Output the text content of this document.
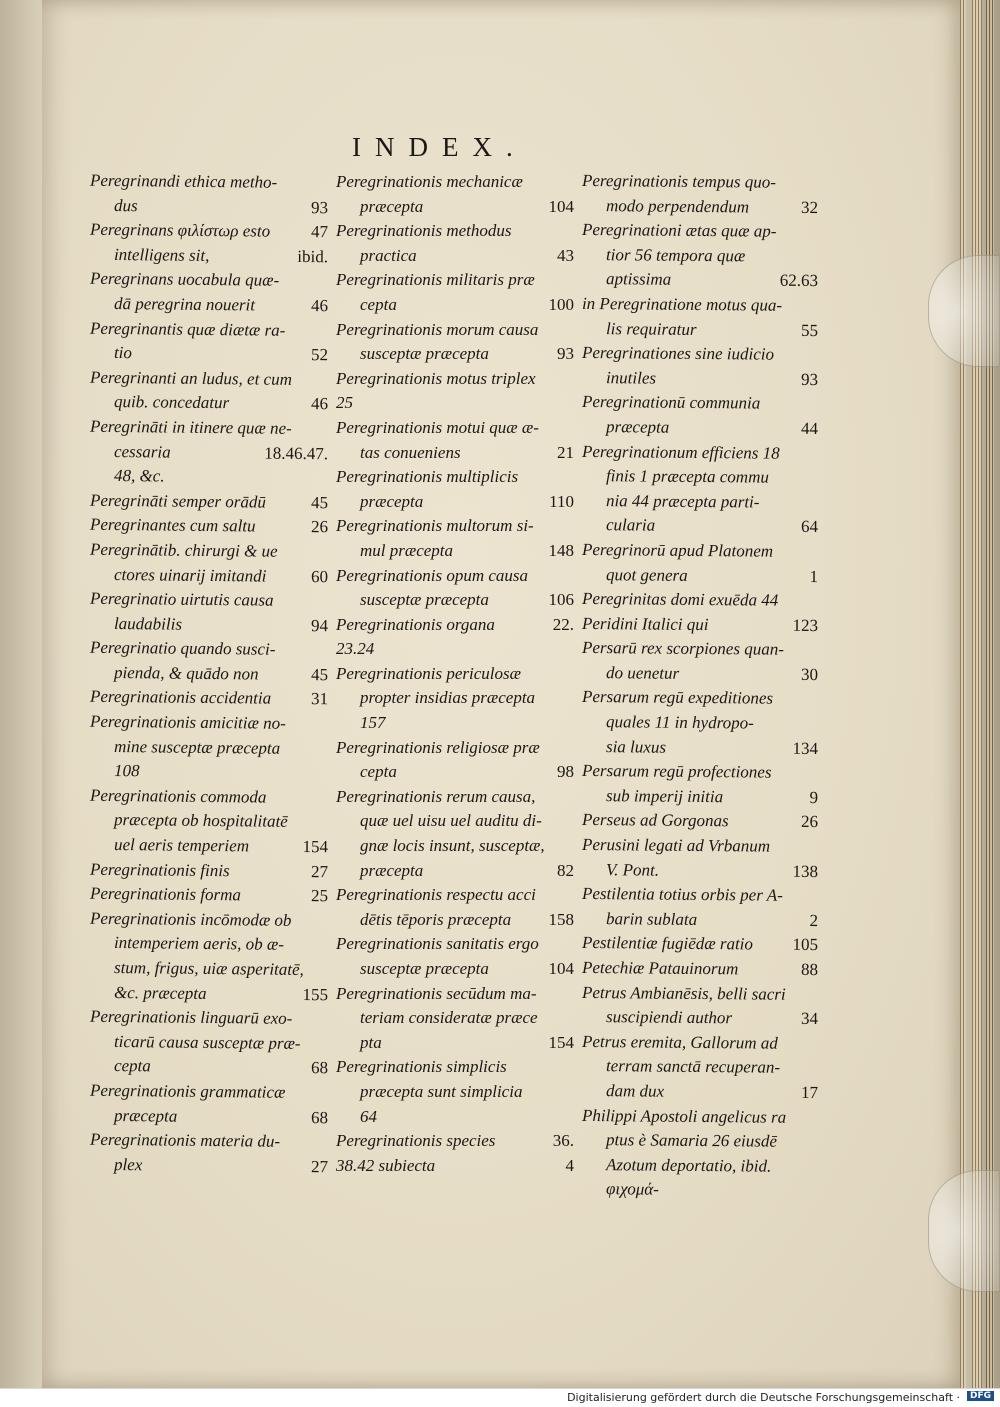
INDEX.
Peregrinandi ethica metho-
dus	93
Peregrinans φιλίστωρ esto 47
intelligens sit,	ibid.
Peregrinans uocabula quæ-
dā peregrina nouerit	46
Peregrinantis quæ diætæ ra-
tio	52
Peregrinanti an ludus, et cum
quib. concedatur	46
Peregrināti in itinere quæ ne-
cessaria	18.46.47.
48, &c.
Peregrināti semper orādū	45
Peregrinantes cum saltu	26
Peregrinātib. chirurgi & ue
ctores uinarij imitandi	60
Peregrinatio uirtutis causa
laudabilis	94
Peregrinatio quando susci-
pienda, & quādo non	45
Peregrinationis accidentia 31
Peregrinationis amicitiæ no-
mine susceptæ præcepta
108
Peregrinationis commoda
præcepta ob hospitalitatē
uel aeris temperiem	154
Peregrinationis finis	27
Peregrinationis forma	25
Peregrinationis incōmodæ ob
intemperiem aeris, ob æ-
stum, frigus, uiæ asperitatē,
&c. præcepta	155
Peregrinationis linguarū exo-
ticarū causa susceptæ præ-
cepta	68
Peregrinationis grammaticæ
præcepta	68
Peregrinationis materia du-
plex	27
Peregrinationis mechanicæ
præcepta	104
Peregrinationis methodus
practica	43
Peregrinationis militaris præ
cepta	100
Peregrinationis morum causa
susceptæ præcepta	93
Peregrinationis motus triplex
25
Peregrinationis motui quæ æ-
tas conueniens	21
Peregrinationis multiplicis
præcepta	110
Peregrinationis multorum si-
mul præcepta	148
Peregrinationis opum causa
susceptæ præcepta	106
Peregrinationis organa	22.
23.24
Peregrinationis periculosæ
propter insidias præcepta
157
Peregrinationis religiosæ præ
cepta	98
Peregrinationis rerum causa,
quæ uel uisu uel auditu di-
gnæ locis insunt, susceptæ,
præcepta	82
Peregrinationis respectu acci
dētis tēporis præcepta 158
Peregrinationis sanitatis ergo
susceptæ præcepta	104
Peregrinationis secūdum ma-
teriam consideratæ præce
pta	154
Peregrinationis simplicis
præcepta sunt simplicia
64
Peregrinationis species	36.
38.42 subiecta	4
Peregrinationis tempus quo-
modo perpendendum	32
Peregrinationi ætas quæ ap-
tior 56 tempora quæ
aptissima	62.63
in Peregrinatione motus qua-
lis requiratur	55
Peregrinationes sine iudicio
inutiles	93
Peregrinationū communia
præcepta	44
Peregrinationum efficiens 18
finis 1 præcepta commu
nia 44 præcepta parti-
cularia	64
Peregrinorū apud Platonem
quot genera	1
Peregrinitas domi exuēda 44
Peridini Italici qui	123
Persarū rex scorpiones quan-
do uenetur	30
Persarum regū expeditiones
quales 11 in hydropo-
sia luxus	134
Persarum regū profectiones
sub imperij initia	9
Perseus ad Gorgonas	26
Perusini legati ad Vrbanum
V. Pont.	138
Pestilentia totius orbis per A-
barin sublata	2
Pestilentiæ fugiēdæ ratio 105
Petechiæ Patauinorum	88
Petrus Ambianēsis, belli sacri
suscipiendi author	34
Petrus eremita, Gallorum ad
terram sanctā recuperan-
dam dux	17
Philippi Apostoli angelicus ra
ptus è Samaria 26 eiusdē
Azotum deportatio, ibid.
φιχομά-
Digitalisierung gefördert durch die Deutsche Forschungsgemeinschaft ·	DFG
